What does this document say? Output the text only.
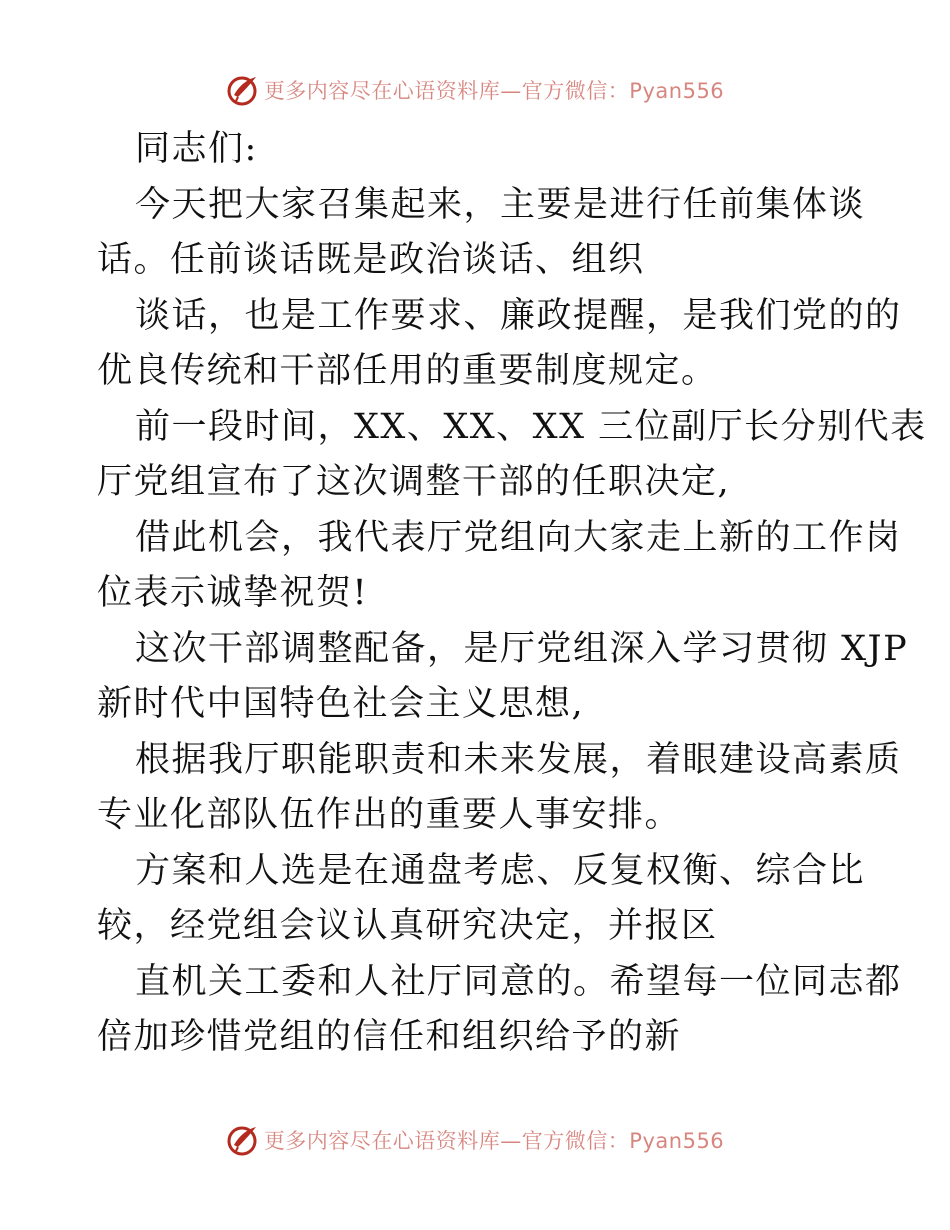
更多内容尽在心语资料库—官方微信：Pyan556
同志们:
今天把大家召集起来，主要是进行任前集体谈
话。任前谈话既是政治谈话、组织
谈话，也是工作要求、廉政提醒，是我们党的的
优良传统和干部任用的重要制度规定。
前一段时间，XX、XX、XX 三位副厅长分别代表
厅党组宣布了这次调整干部的任职决定,
借此机会，我代表厅党组向大家走上新的工作岗
位表示诚挚祝贺!
这次干部调整配备，是厅党组深入学习贯彻 XJP
新时代中国特色社会主义思想,
根据我厅职能职责和未来发展，着眼建设高素质
专业化部队伍作出的重要人事安排。
方案和人选是在通盘考虑、反复权衡、综合比
较，经党组会议认真研究决定，并报区
直机关工委和人社厅同意的。希望每一位同志都
倍加珍惜党组的信任和组织给予的新
更多内容尽在心语资料库—官方微信：Pyan556
